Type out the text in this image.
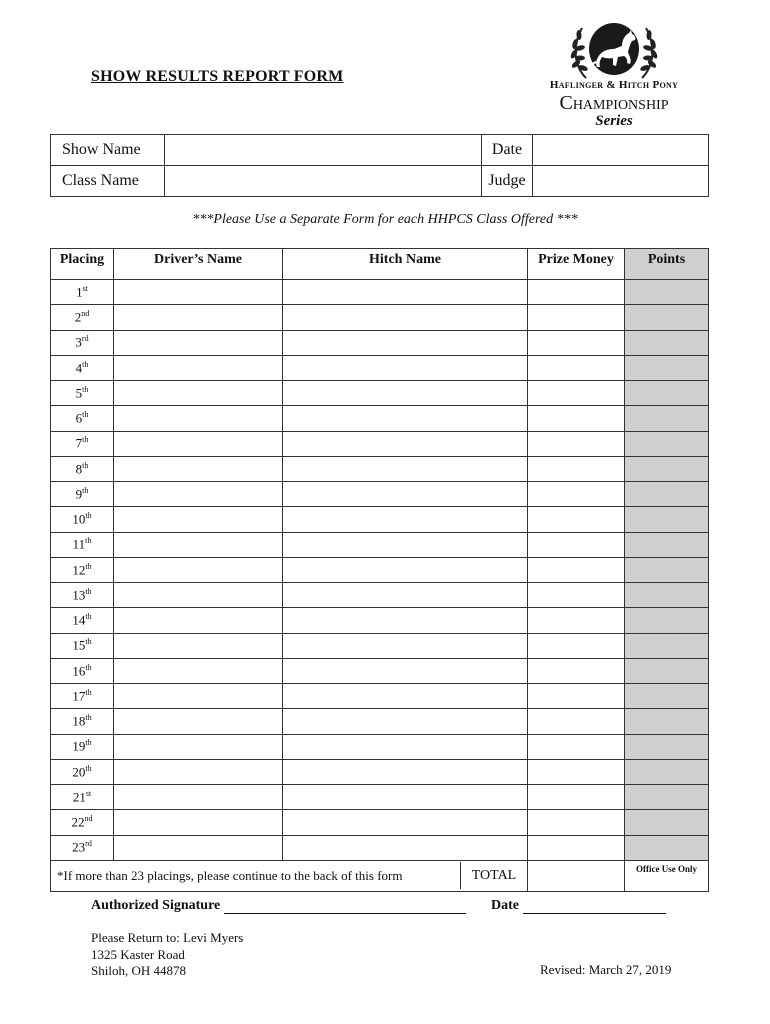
SHOW RESULTS REPORT FORM	Haflinger & Hitch Pony
Championship
Series
Show Name		Date	
Class Name		Judge	
***Please Use a Separate Form for each HHPCS Class Offered ***
Placing	Driver’s Name	Hitch Name	Prize Money	Points
1st				
2nd				
3rd				
4th				
5th				
6th				
7th				
8th				
9th				
10th				
11th				
12th				
13th				
14th				
15th				
16th				
17th				
18th				
19th				
20th				
21st				
22nd				
23rd				

*If more than 23 placings, please continue to the back of this form TOTAL				Office Use Only
Authorized Signature	Date
Please Return to: Levi Myers
1325 Kaster Road
Shiloh, OH 44878	Revised: March 27, 2019
